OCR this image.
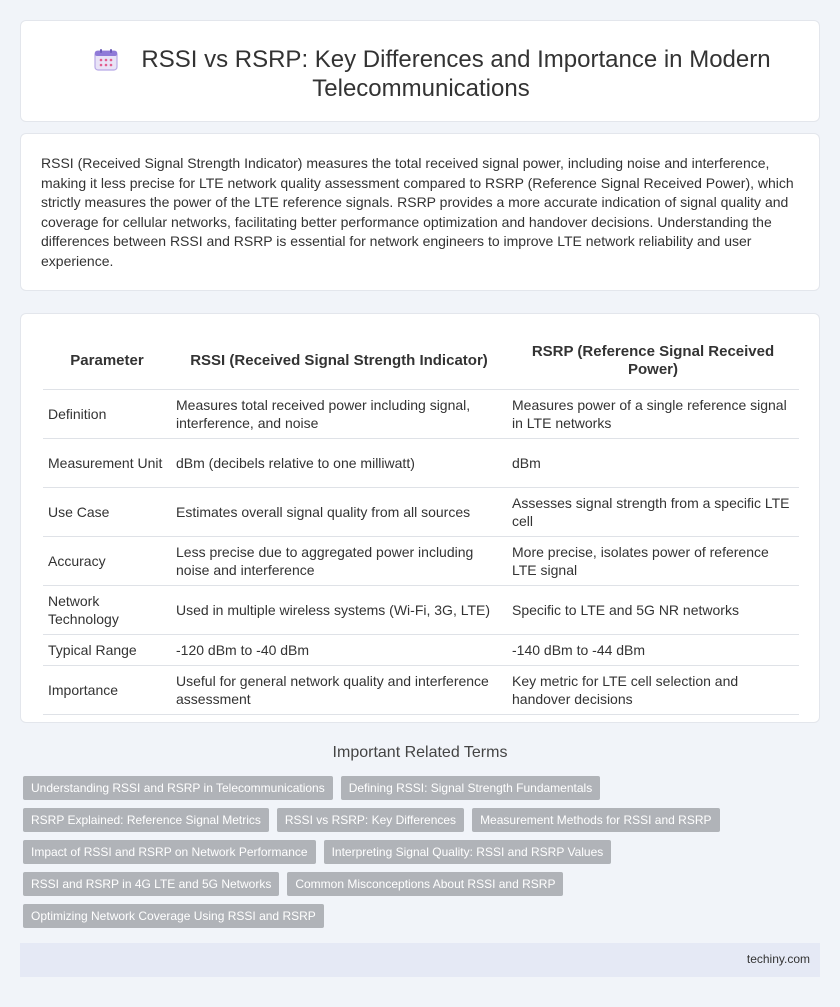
RSSI vs RSRP: Key Differences and Importance in Modern
Telecommunications

RSSI (Received Signal Strength Indicator) measures the total received signal power, including noise and interference, making it less precise for LTE network quality assessment compared to RSRP (Reference Signal Received Power), which strictly measures the power of the LTE reference signals. RSRP provides a more accurate indication of signal quality and coverage for cellular networks, facilitating better performance optimization and handover decisions. Understanding the differences between RSSI and RSRP is essential for network engineers to improve LTE network reliability and user experience.

Parameter	RSSI (Received Signal Strength Indicator)	RSRP (Reference Signal Received Power)
Definition	Measures total received power including signal, interference, and noise	Measures power of a single reference signal in LTE networks
Measurement Unit	dBm (decibels relative to one milliwatt)	dBm
Use Case	Estimates overall signal quality from all sources	Assesses signal strength from a specific LTE cell
Accuracy	Less precise due to aggregated power including noise and interference	More precise, isolates power of reference LTE signal
Network Technology	Used in multiple wireless systems (Wi-Fi, 3G, LTE)	Specific to LTE and 5G NR networks
Typical Range	-120 dBm to -40 dBm	-140 dBm to -44 dBm
Importance	Useful for general network quality and interference assessment	Key metric for LTE cell selection and handover decisions
Important Related Terms
Understanding RSSI and RSRP in Telecommunications	Defining RSSI: Signal Strength Fundamentals
RSRP Explained: Reference Signal Metrics	RSSI vs RSRP: Key Differences	Measurement Methods for RSSI and RSRP
Impact of RSSI and RSRP on Network Performance	Interpreting Signal Quality: RSSI and RSRP Values
RSSI and RSRP in 4G LTE and 5G Networks	Common Misconceptions About RSSI and RSRP
Optimizing Network Coverage Using RSSI and RSRP
techiny.com
